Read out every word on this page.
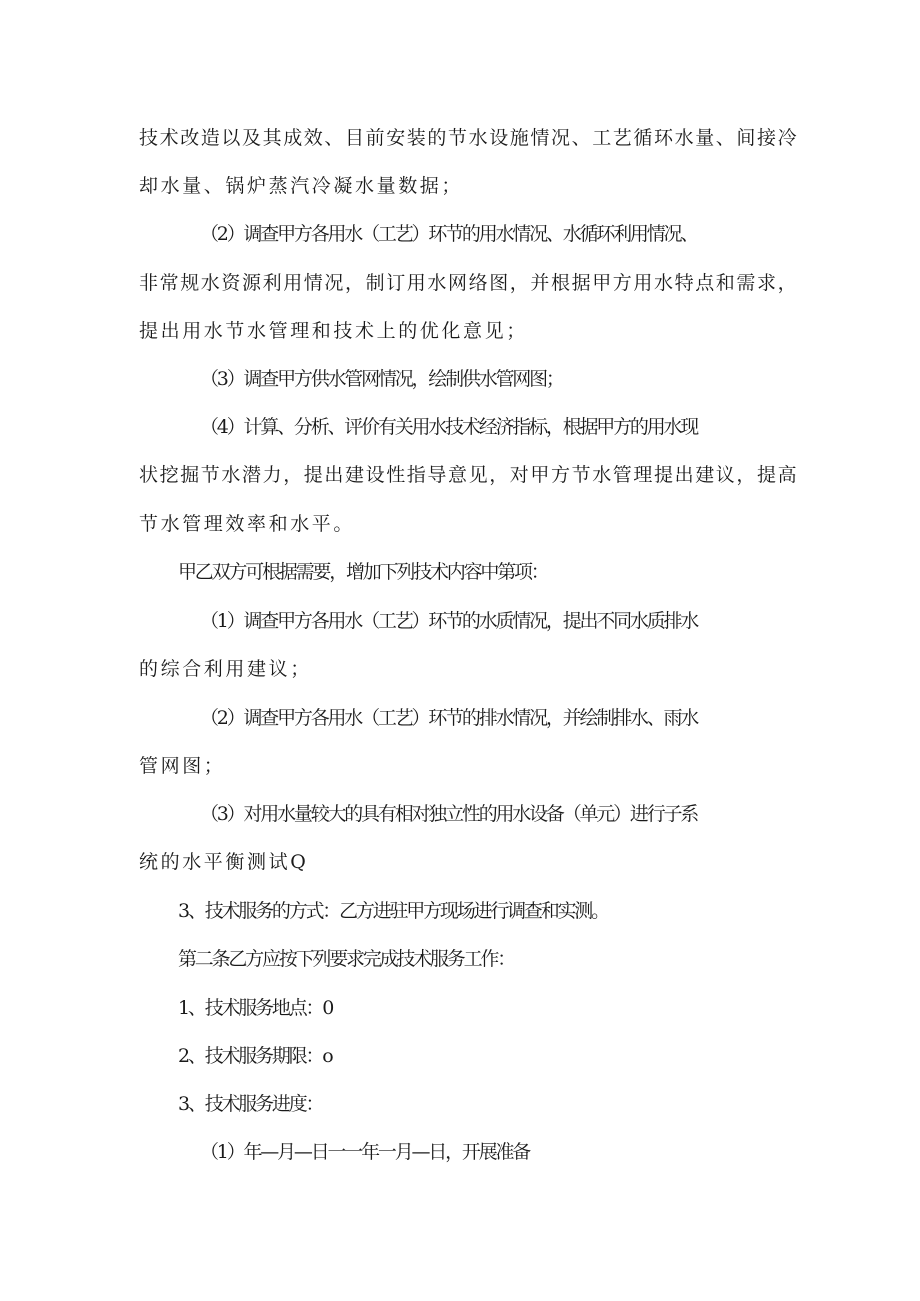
技术改造以及其成效、目前安装的节水设施情况、工艺循环水量、间接冷
却水量、锅炉蒸汽冷凝水量数据；
（2）调查甲方各用水（工艺）环节的用水情况、水循环利用情况、
非常规水资源利用情况，制订用水网络图，并根据甲方用水特点和需求，
提出用水节水管理和技术上的优化意见；
（3）调查甲方供水管网情况，绘制供水管网图；
（4）计算、分析、评价有关用水技术经济指标，根据甲方的用水现
状挖掘节水潜力，提出建设性指导意见，对甲方节水管理提出建议，提高
节水管理效率和水平。
甲乙双方可根据需要，增加下列技术内容中第项：
（1）调查甲方各用水（工艺）环节的水质情况，提出不同水质排水
的综合利用建议；
（2）调查甲方各用水（工艺）环节的排水情况，并绘制排水、雨水
管网图；
（3）对用水量较大的具有相对独立性的用水设备（单元）进行子系
统的水平衡测试Q
3、技术服务的方式：乙方进驻甲方现场进行调查和实测。
第二条乙方应按下列要求完成技术服务工作：
1、技术服务地点：0
2、技术服务期限：o
3、技术服务进度：
（1）年—月—日一一年一月—日，开展准备
